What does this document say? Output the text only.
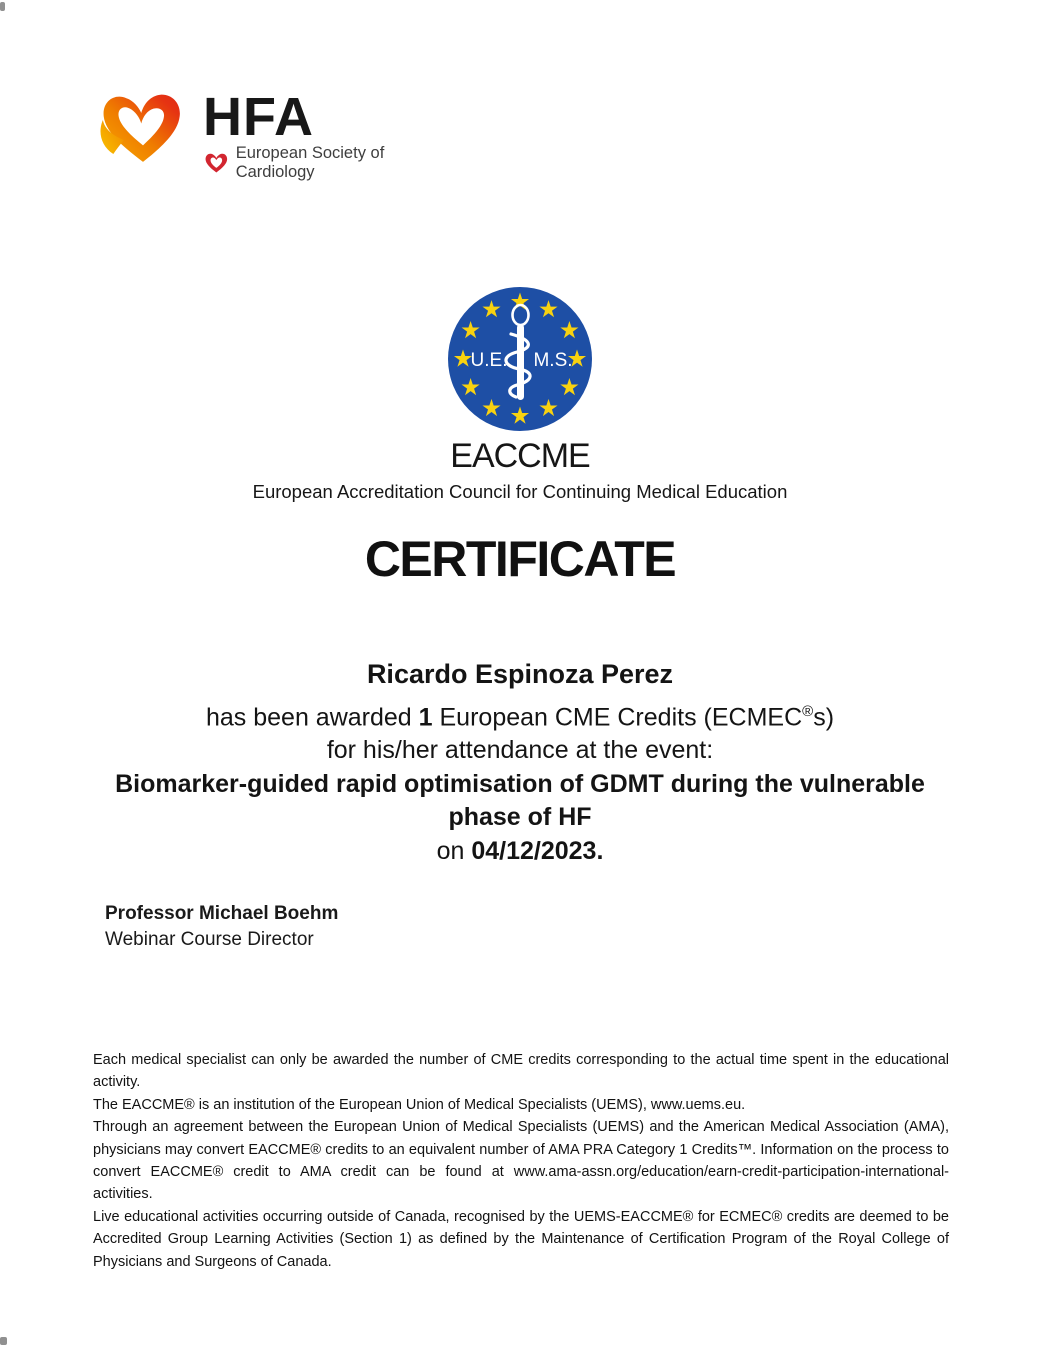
HFA
European Society of Cardiology
U.E. M.S.
EACCME
European Accreditation Council for Continuing Medical Education
CERTIFICATE
Ricardo Espinoza Perez
has been awarded 1 European CME Credits (ECMEC®s)
for his/her attendance at the event:
Biomarker-guided rapid optimisation of GDMT during the vulnerable phase of HF
on 04/12/2023.
Professor Michael Boehm
Webinar Course Director

Each medical specialist can only be awarded the number of CME credits corresponding to the actual time spent in the educational activity.

The EACCME® is an institution of the European Union of Medical Specialists (UEMS), www.uems.eu.

Through an agreement between the European Union of Medical Specialists (UEMS) and the American Medical Association (AMA), physicians may convert EACCME® credits to an equivalent number of AMA PRA Category 1 Credits™. Information on the process to convert EACCME® credit to AMA credit can be found at www.ama-assn.org/education/earn-credit-participation-international-activities.

Live educational activities occurring outside of Canada, recognised by the UEMS-EACCME® for ECMEC® credits are deemed to be Accredited Group Learning Activities (Section 1) as defined by the Maintenance of Certification Program of the Royal College of Physicians and Surgeons of Canada.
